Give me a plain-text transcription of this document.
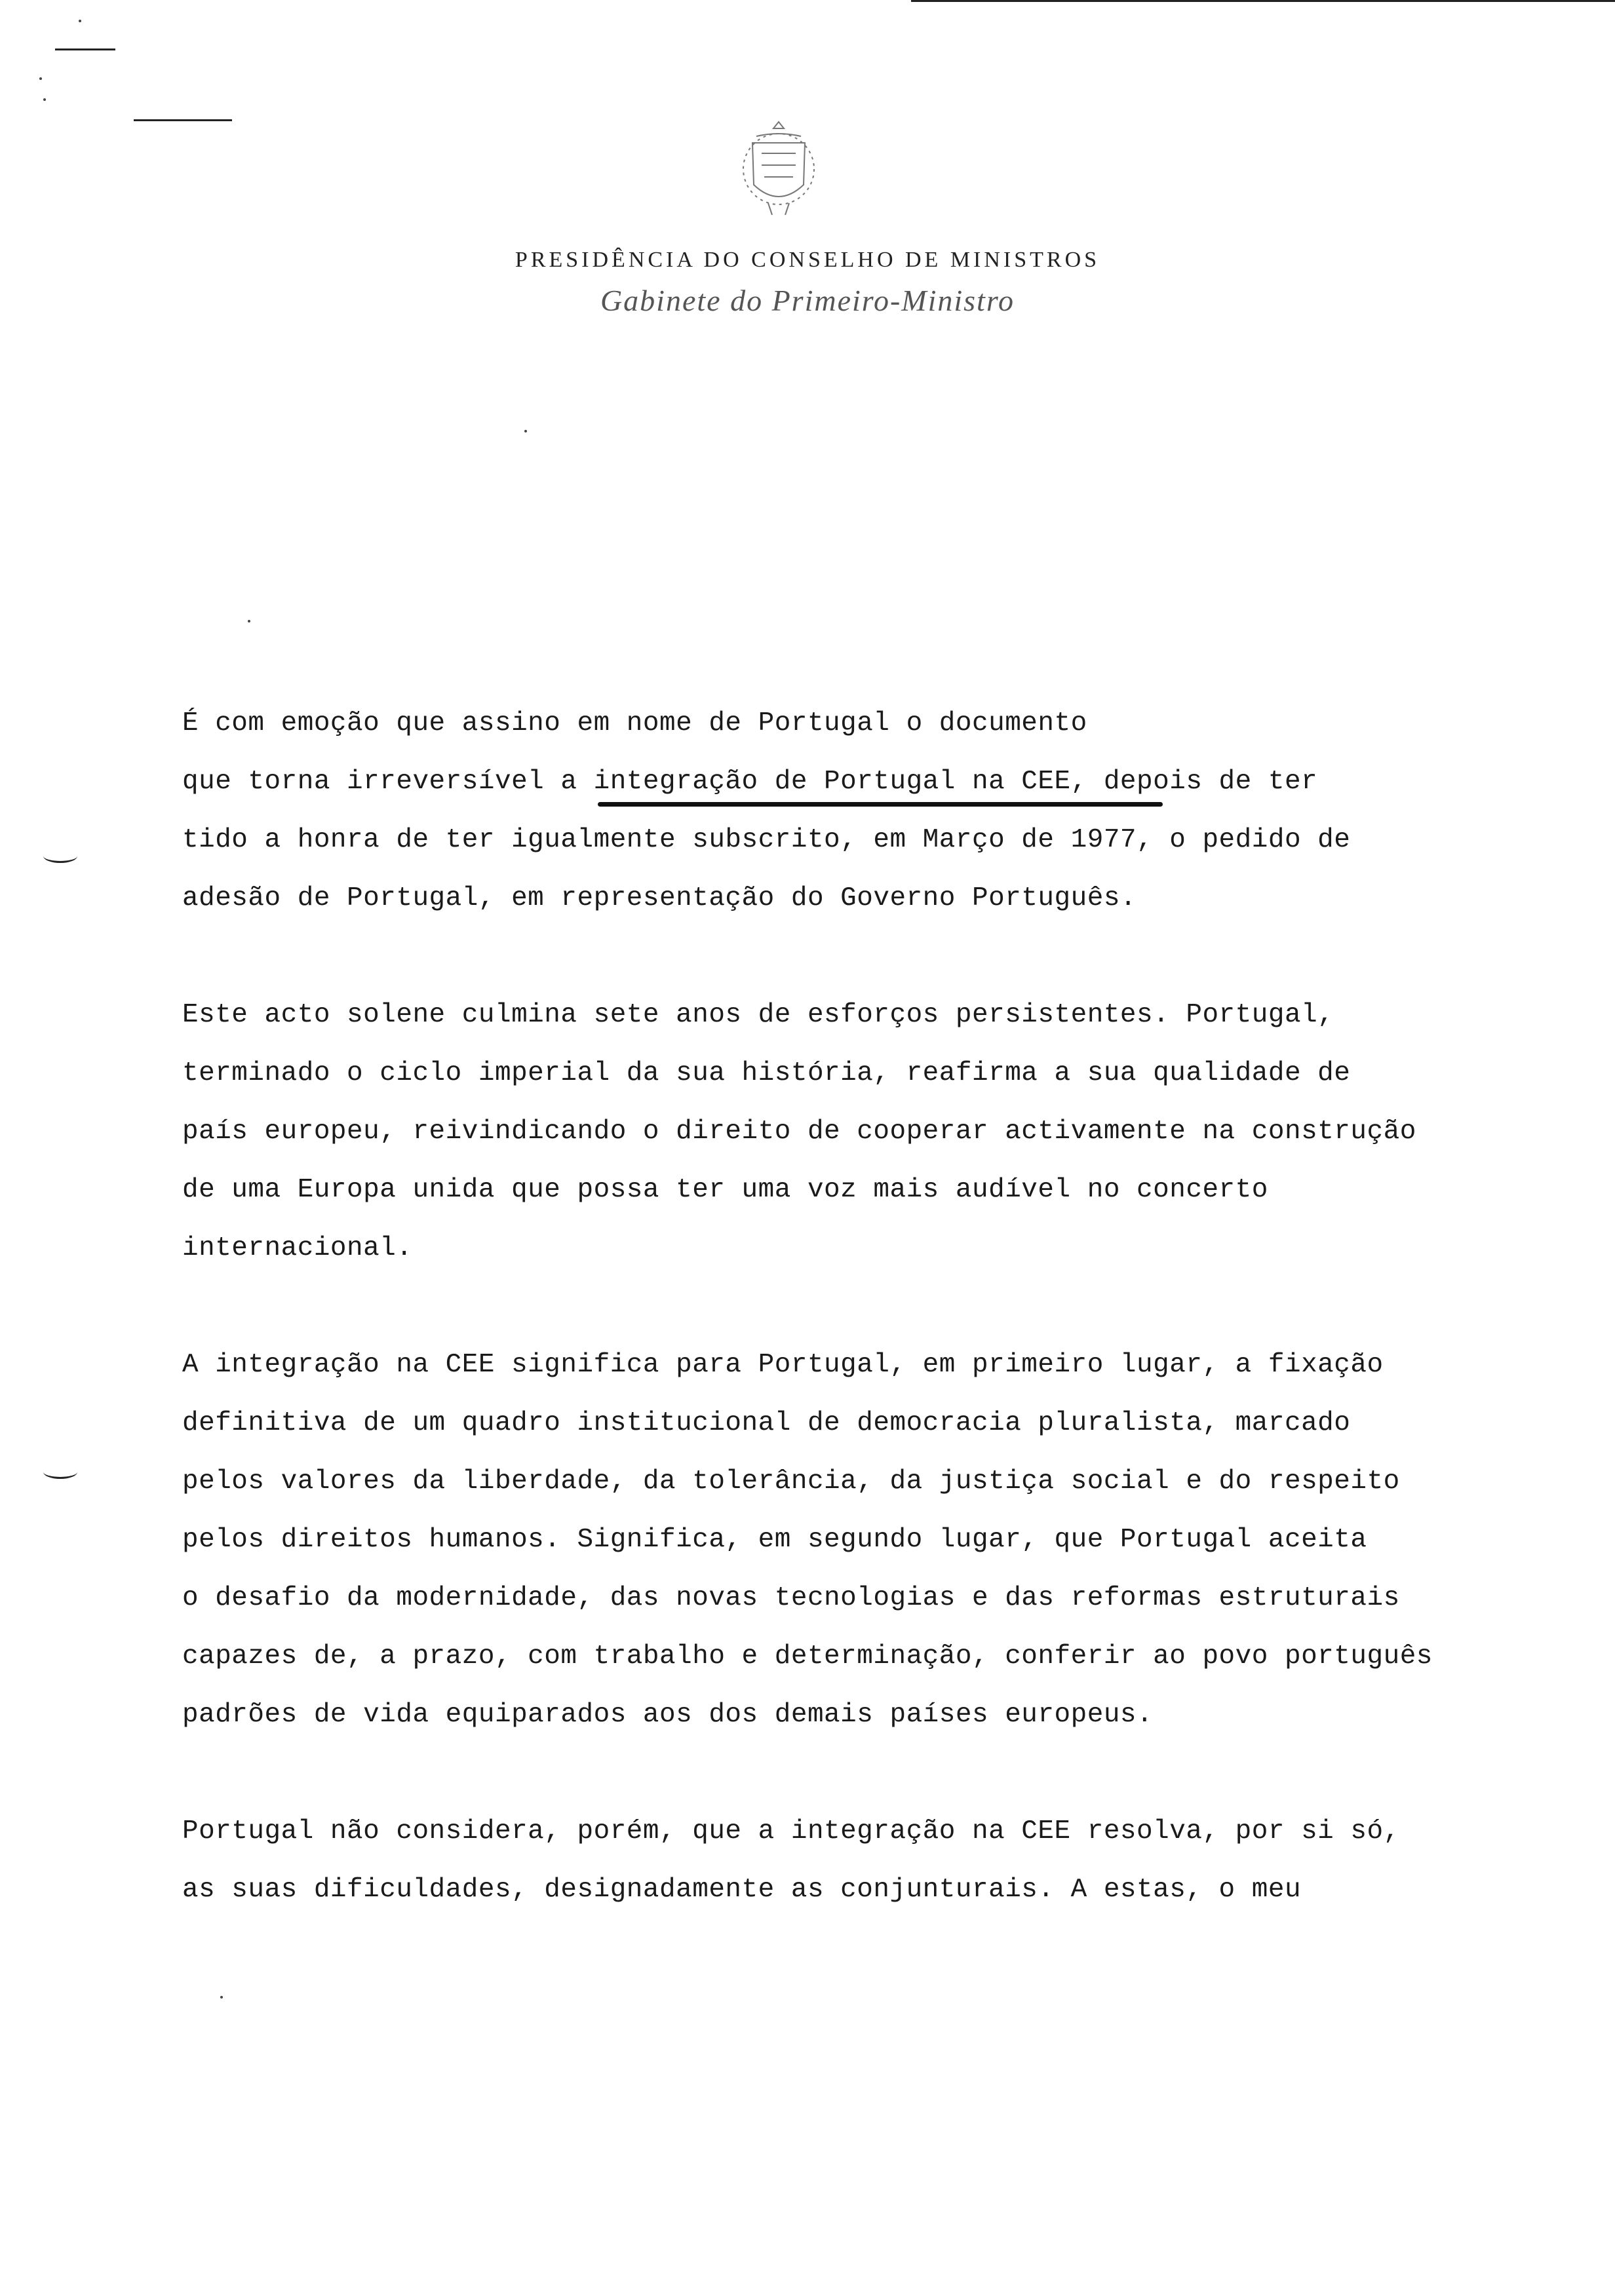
PRESIDÊNCIA DO CONSELHO DE MINISTROS
Gabinete do Primeiro-Ministro

É com emoção que assino em nome de Portugal o documento
que torna irreversível a integração de Portugal na CEE, depois de ter
tido a honra de ter igualmente subscrito, em Março de 1977, o pedido de
adesão de Portugal, em representação do Governo Português.

Este acto solene culmina sete anos de esforços persistentes. Portugal,
terminado o ciclo imperial da sua história, reafirma a sua qualidade de
país europeu, reivindicando o direito de cooperar activamente na construção
de uma Europa unida que possa ter uma voz mais audível no concerto
internacional.

A integração na CEE significa para Portugal, em primeiro lugar, a fixação
definitiva de um quadro institucional de democracia pluralista, marcado
pelos valores da liberdade, da tolerância, da justiça social e do respeito
pelos direitos humanos. Significa, em segundo lugar, que Portugal aceita
o desafio da modernidade, das novas tecnologias e das reformas estruturais
capazes de, a prazo, com trabalho e determinação, conferir ao povo português
padrões de vida equiparados aos dos demais países europeus.

Portugal não considera, porém, que a integração na CEE resolva, por si só,
as suas dificuldades, designadamente as conjunturais. A estas, o meu
